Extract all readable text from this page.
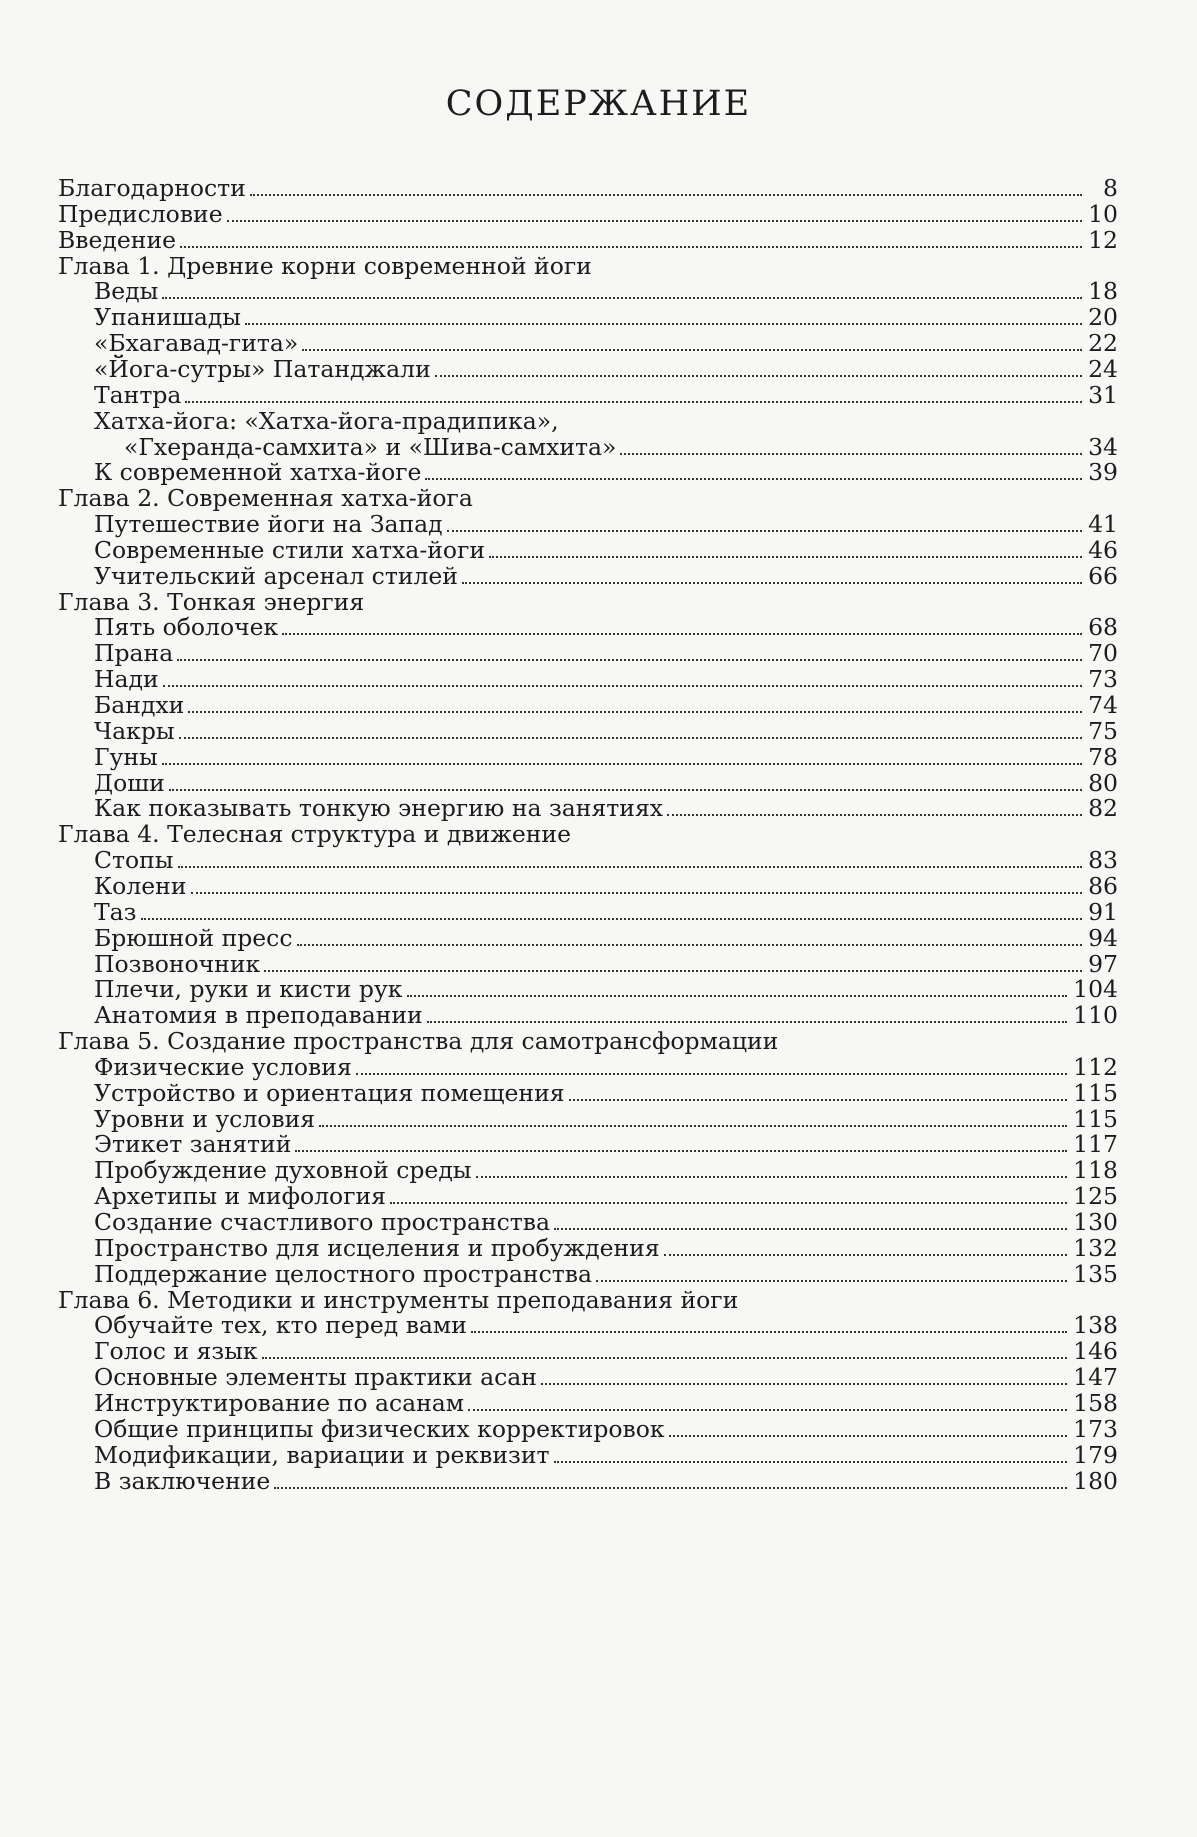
СОДЕРЖАНИЕ
Благодарности	8
Предисловие	10
Введение	12
Глава 1. Древние корни современной йоги
Веды	18
Упанишады	20
«Бхагавад-гита»	22
«Йога-сутры» Патанджали	24
Тантра	31
Хатха-йога: «Хатха-йога-прадипика»,
«Гхеранда-самхита» и «Шива-самхита»	34
К современной хатха-йоге	39
Глава 2. Современная хатха-йога
Путешествие йоги на Запад	41
Современные стили хатха-йоги	46
Учительский арсенал стилей	66
Глава 3. Тонкая энергия
Пять оболочек	68
Прана	70
Нади	73
Бандхи	74
Чакры	75
Гуны	78
Доши	80
Как показывать тонкую энергию на занятиях	82
Глава 4. Телесная структура и движение
Стопы	83
Колени	86
Таз	91
Брюшной пресс	94
Позвоночник	97
Плечи, руки и кисти рук	104
Анатомия в преподавании	110
Глава 5. Создание пространства для самотрансформации
Физические условия	112
Устройство и ориентация помещения	115
Уровни и условия	115
Этикет занятий	117
Пробуждение духовной среды	118
Архетипы и мифология	125
Создание счастливого пространства	130
Пространство для исцеления и пробуждения	132
Поддержание целостного пространства	135
Глава 6. Методики и инструменты преподавания йоги
Обучайте тех, кто перед вами	138
Голос и язык	146
Основные элементы практики асан	147
Инструктирование по асанам	158
Общие принципы физических корректировок	173
Модификации, вариации и реквизит	179
В заключение	180
